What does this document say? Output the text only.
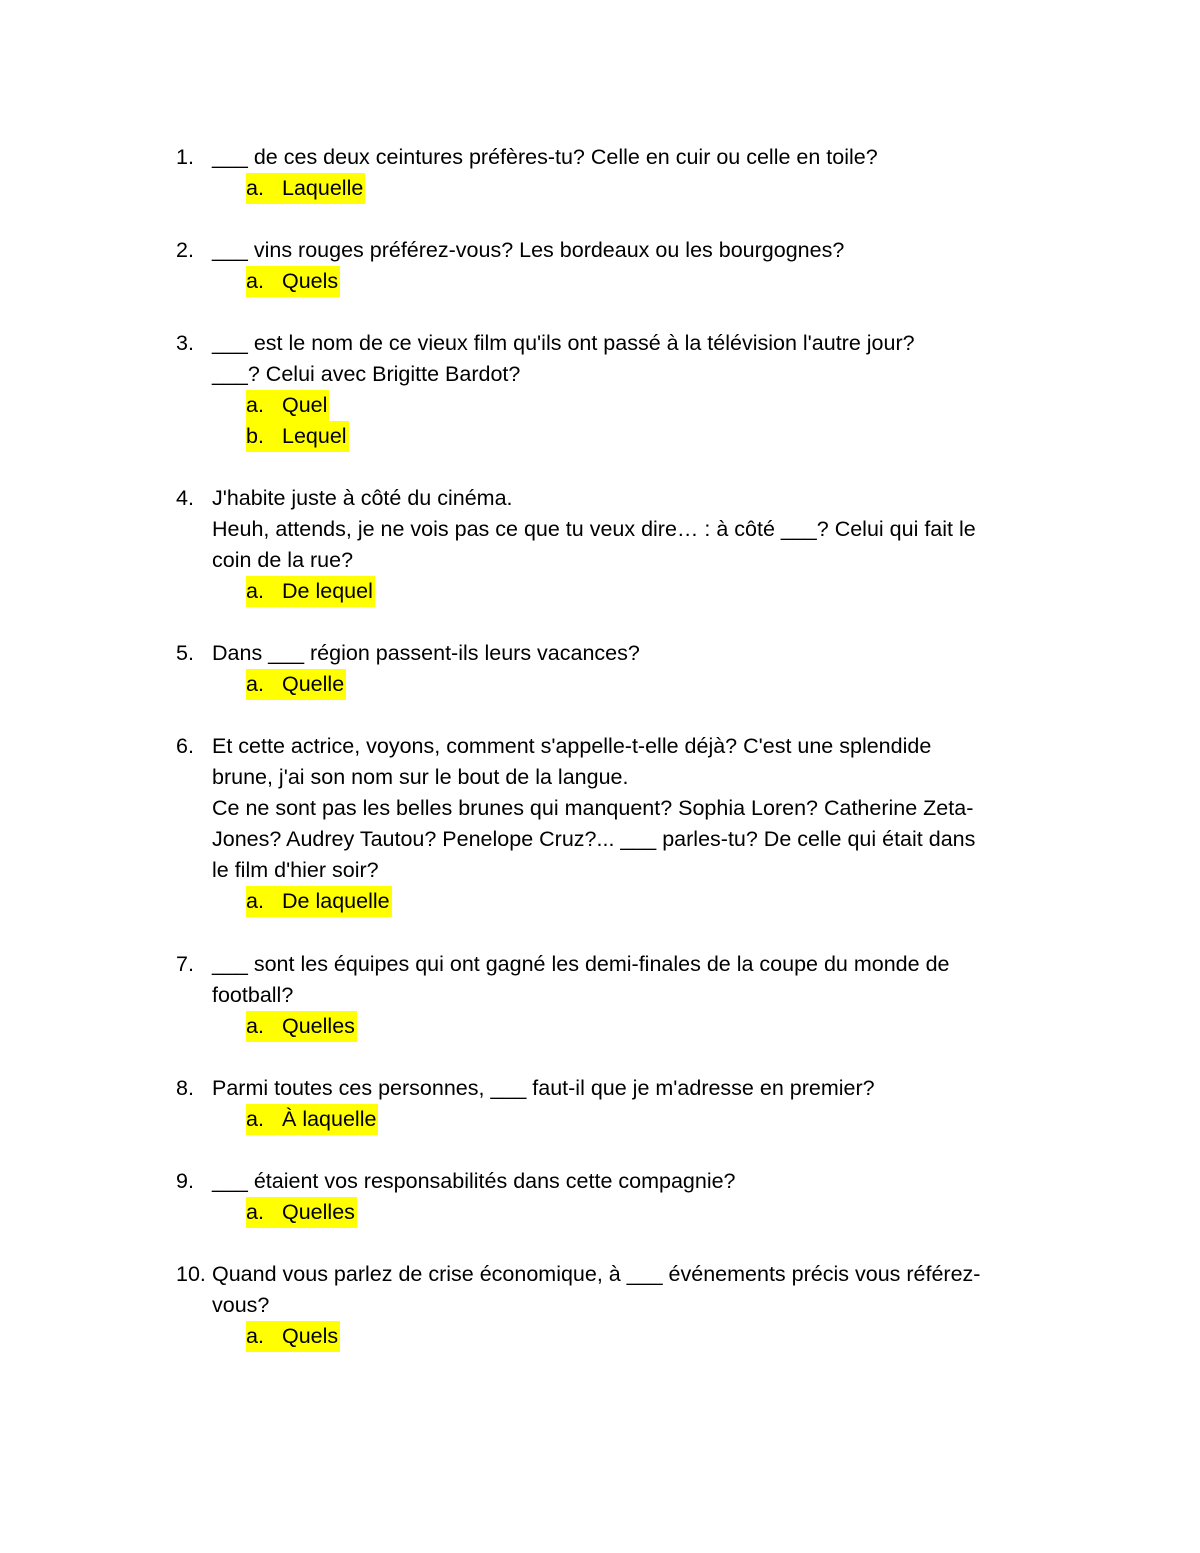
1. ___ de ces deux ceintures préfères-tu? Celle en cuir ou celle en toile?
a. Laquelle
2. ___ vins rouges préférez-vous? Les bordeaux ou les bourgognes?
a. Quels
3. ___ est le nom de ce vieux film qu'ils ont passé à la télévision l'autre jour?
___? Celui avec Brigitte Bardot?
a. Quel
b. Lequel
4. J'habite juste à côté du cinéma.
Heuh, attends, je ne vois pas ce que tu veux dire… : à côté ___? Celui qui fait le
coin de la rue?
a. De lequel
5. Dans ___ région passent-ils leurs vacances?
a. Quelle
6. Et cette actrice, voyons, comment s'appelle-t-elle déjà? C'est une splendide
brune, j'ai son nom sur le bout de la langue.
Ce ne sont pas les belles brunes qui manquent? Sophia Loren? Catherine Zeta-
Jones? Audrey Tautou? Penelope Cruz?... ___ parles-tu? De celle qui était dans
le film d'hier soir?
a. De laquelle
7. ___ sont les équipes qui ont gagné les demi-finales de la coupe du monde de
football?
a. Quelles
8. Parmi toutes ces personnes, ___ faut-il que je m'adresse en premier?
a. À laquelle
9. ___ étaient vos responsabilités dans cette compagnie?
a. Quelles
10. Quand vous parlez de crise économique, à ___ événements précis vous référez-
vous?
a. Quels
